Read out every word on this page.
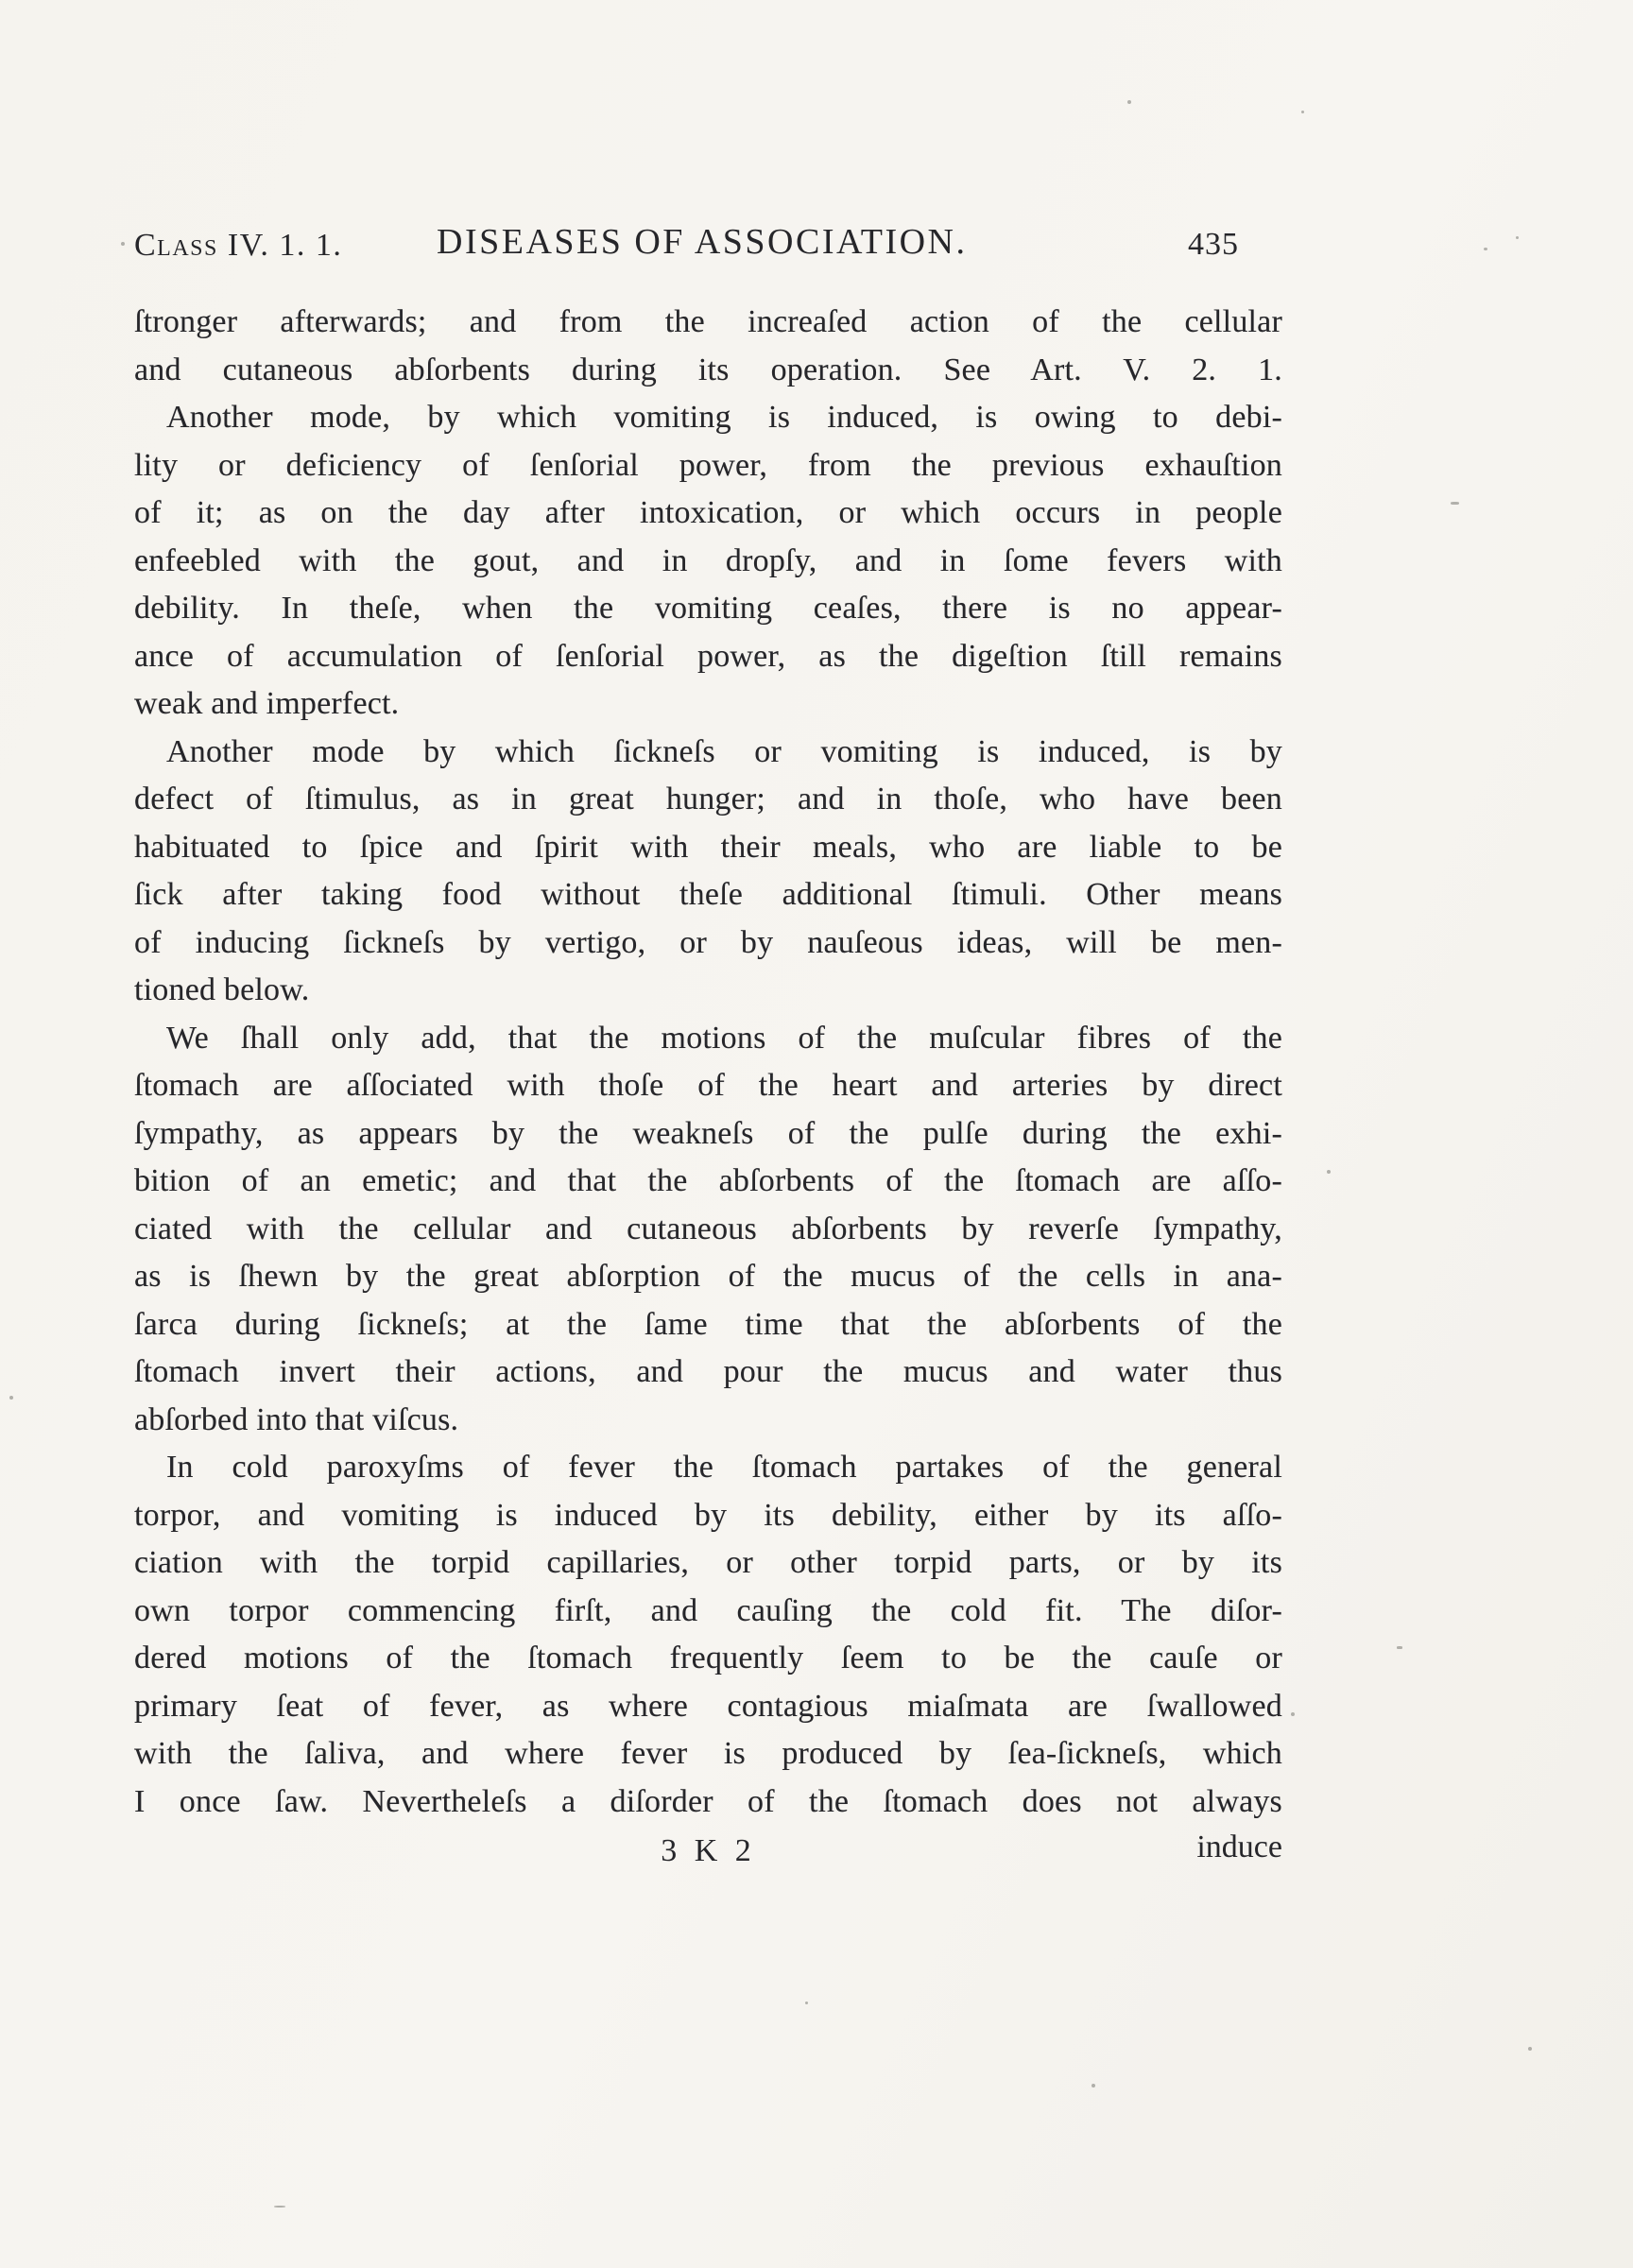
Class IV. 1. 1.	DISEASES OF ASSOCIATION.	435

ſtronger afterwards; and from the increaſed action of the cellular
and cutaneous abſorbents during its operation. See Art. V. 2. 1.

Another mode, by which vomiting is induced, is owing to debi-
lity or deficiency of ſenſorial power, from the previous exhauſtion
of it; as on the day after intoxication, or which occurs in people
enfeebled with the gout, and in dropſy, and in ſome fevers with
debility. In theſe, when the vomiting ceaſes, there is no appear-
ance of accumulation of ſenſorial power, as the digeſtion ſtill remains
weak and imperfect.

Another mode by which ſickneſs or vomiting is induced, is by
defect of ſtimulus, as in great hunger; and in thoſe, who have been
habituated to ſpice and ſpirit with their meals, who are liable to be
ſick after taking food without theſe additional ſtimuli. Other means
of inducing ſickneſs by vertigo, or by nauſeous ideas, will be men-
tioned below.

We ſhall only add, that the motions of the muſcular fibres of the
ſtomach are aſſociated with thoſe of the heart and arteries by direct
ſympathy, as appears by the weakneſs of the pulſe during the exhi-
bition of an emetic; and that the abſorbents of the ſtomach are aſſo-
ciated with the cellular and cutaneous abſorbents by reverſe ſympathy,
as is ſhewn by the great abſorption of the mucus of the cells in ana-
ſarca during ſickneſs; at the ſame time that the abſorbents of the
ſtomach invert their actions, and pour the mucus and water thus
abſorbed into that viſcus.

In cold paroxyſms of fever the ſtomach partakes of the general
torpor, and vomiting is induced by its debility, either by its aſſo-
ciation with the torpid capillaries, or other torpid parts, or by its
own torpor commencing firſt, and cauſing the cold fit. The diſor-
dered motions of the ſtomach frequently ſeem to be the cauſe or
primary ſeat of fever, as where contagious miaſmata are ſwallowed
with the ſaliva, and where fever is produced by ſea-ſickneſs, which
I once ſaw. Nevertheleſs a diſorder of the ſtomach does not always

3 K 2	induce
